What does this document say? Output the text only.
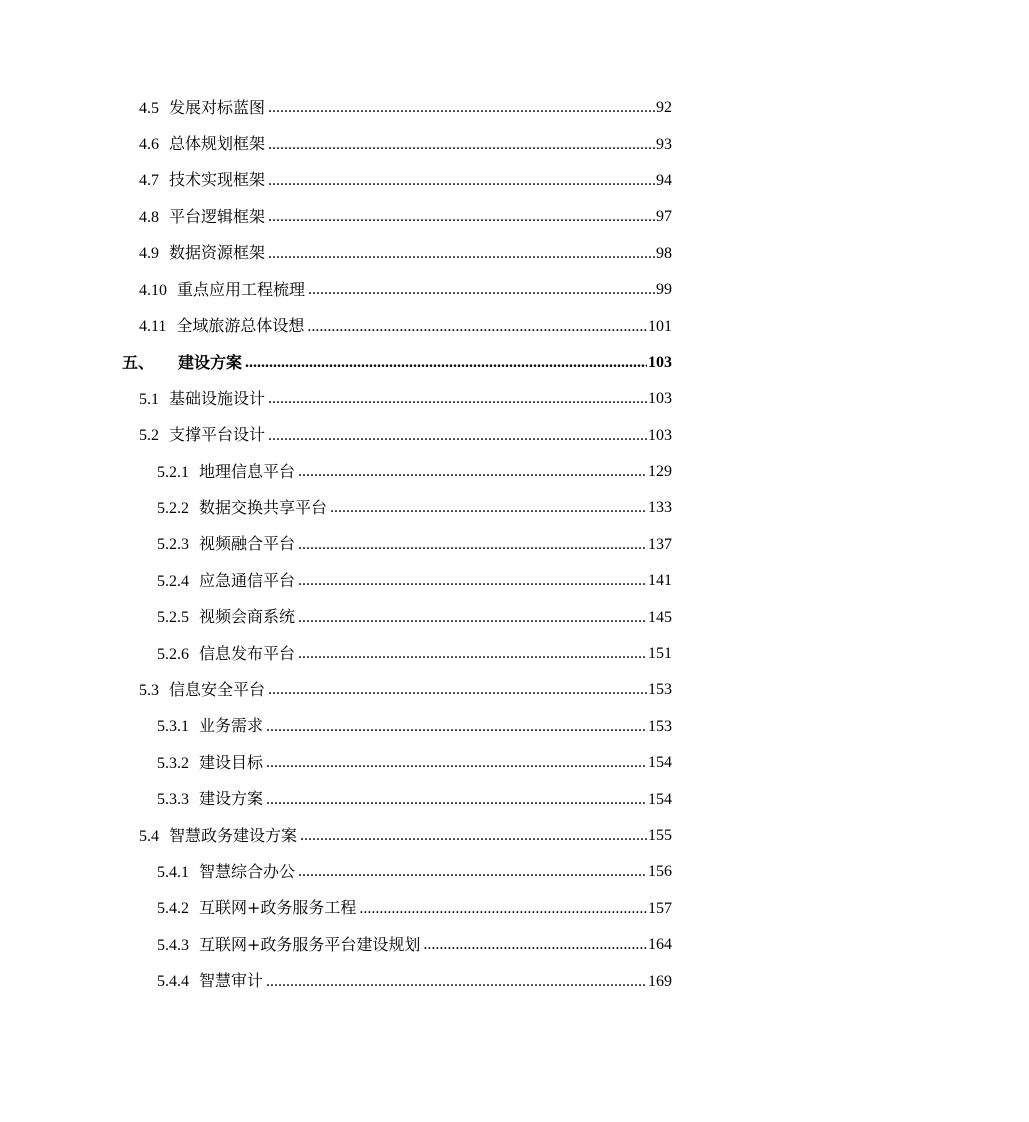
4.5 发展对标蓝图 .....	92
4.6 总体规划框架 .....	93
4.7 技术实现框架 .....	94
4.8 平台逻辑框架 .....	97
4.9 数据资源框架 .....	98
4.10 重点应用工程梳理 .....	99
4.11 全域旅游总体设想 .....	101
五、 建设方案 .....	103
5.1 基础设施设计 .....	103
5.2 支撑平台设计 .....	103
5.2.1 地理信息平台 .....	129
5.2.2 数据交换共享平台 .....	133
5.2.3 视频融合平台 .....	137
5.2.4 应急通信平台 .....	141
5.2.5 视频会商系统 .....	145
5.2.6 信息发布平台 .....	151
5.3 信息安全平台 .....	153
5.3.1 业务需求 .....	153
5.3.2 建设目标 .....	154
5.3.3 建设方案 .....	154
5.4 智慧政务建设方案 .....	155
5.4.1 智慧综合办公 .....	156
5.4.2 互联网+政务服务工程 .....	157
5.4.3 互联网+政务服务平台建设规划 .....	164
5.4.4 智慧审计 .....	169
